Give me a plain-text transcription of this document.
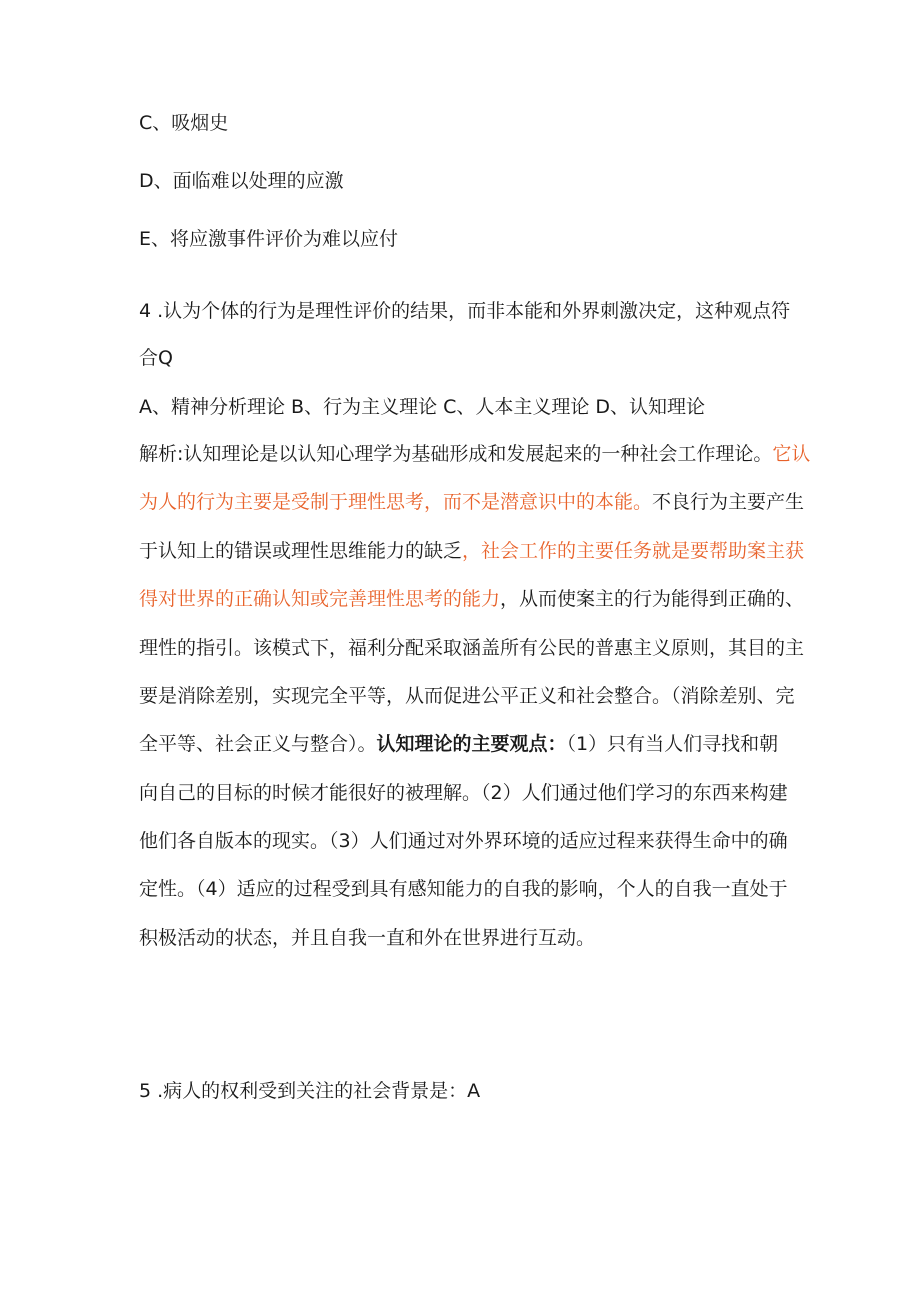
C、吸烟史
D、面临难以处理的应激
E、将应激事件评价为难以应付
4 .认为个体的行为是理性评价的结果，而非本能和外界刺激决定，这种观点符
合Q
A、精神分析理论 B、行为主义理论 C、人本主义理论 D、认知理论
解析:认知理论是以认知心理学为基础形成和发展起来的一种社会工作理论。它认
为人的行为主要是受制于理性思考，而不是潜意识中的本能。不良行为主要产生
于认知上的错误或理性思维能力的缺乏，社会工作的主要任务就是要帮助案主获
得对世界的正确认知或完善理性思考的能力，从而使案主的行为能得到正确的、
理性的指引。该模式下，福利分配采取涵盖所有公民的普惠主义原则，其目的主
要是消除差别，实现完全平等，从而促进公平正义和社会整合。（消除差别、完
全平等、社会正义与整合）。认知理论的主要观点：（1）只有当人们寻找和朝
向自己的目标的时候才能很好的被理解。（2）人们通过他们学习的东西来构建
他们各自版本的现实。（3）人们通过对外界环境的适应过程来获得生命中的确
定性。（4）适应的过程受到具有感知能力的自我的影响，个人的自我一直处于
积极活动的状态，并且自我一直和外在世界进行互动。
5 .病人的权利受到关注的社会背景是：A
